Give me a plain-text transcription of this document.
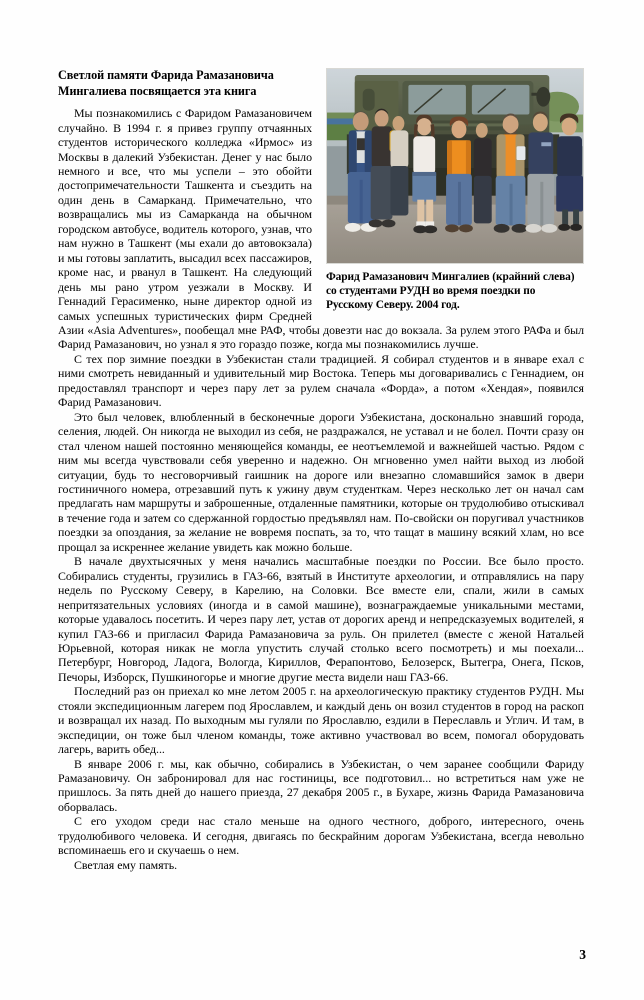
Фарид Рамазанович Мингалиев (крайний слева) со студентами РУДН во время поездки по Русскому Северу. 2004 год.
Светлой памяти Фарида Рамазановича
Мингалиева посвящается эта книга

Мы познакомились с Фаридом Рамазановичем случайно. В 1994 г. я привез группу отчаянных студентов исторического колледжа «Ирмос» из Москвы в далекий Узбекистан. Денег у нас было немного и все, что мы успели – это обойти достопримечательности Ташкента и съездить на один день в Самарканд. Примечательно, что возвращались мы из Самарканда на обычном городском автобусе, водитель которого, узнав, что нам нужно в Ташкент (мы ехали до автовокзала) и мы готовы заплатить, высадил всех пассажиров, кроме нас, и рванул в Ташкент. На следующий день мы рано утром уезжали в Москву. И Геннадий Герасименко, ныне директор одной из самых успешных туристических фирм Средней Азии «Asia Adventures», пообещал мне РАФ, чтобы довезти нас до вокзала. За рулем этого РАФа и был Фарид Рамазанович, но узнал я это гораздо позже, когда мы познакомились лучше.

С тех пор зимние поездки в Узбекистан стали традицией. Я собирал студентов и в январе ехал с ними смотреть невиданный и удивительный мир Востока. Теперь мы договаривались с Геннадием, он предоставлял транспорт и через пару лет за рулем сначала «Форда», а потом «Хендая», появился Фарид Рамазанович.

Это был человек, влюбленный в бесконечные дороги Узбекистана, досконально знавший города, селения, людей. Он никогда не выходил из себя, не раздражался, не уставал и не болел. Почти сразу он стал членом нашей постоянно меняющейся команды, ее неотъемлемой и важнейшей частью. Рядом с ним мы всегда чувствовали себя уверенно и надежно. Он мгновенно умел найти выход из любой ситуации, будь то несговорчивый гаишник на дороге или внезапно сломавшийся замок в двери гостиничного номера, отрезавший путь к ужину двум студенткам. Через несколько лет он начал сам предлагать нам маршруты и заброшенные, отдаленные памятники, которые он трудолюбиво отыскивал в течение года и затем со сдержанной гордостью предъявлял нам. По-свойски он поругивал участников поездки за опоздания, за желание не вовремя поспать, за то, что тащат в машину всякий хлам, но все прощал за искреннее желание увидеть как можно больше.

В начале двухтысячных у меня начались масштабные поездки по России. Все было просто. Собирались студенты, грузились в ГАЗ-66, взятый в Институте археологии, и отправлялись на пару недель по Русскому Северу, в Карелию, на Соловки. Все вместе ели, спали, жили в самых непритязательных условиях (иногда и в самой машине), вознаграждаемые уникальными местами, которые удавалось посетить. И через пару лет, устав от дорогих аренд и непредсказуемых водителей, я купил ГАЗ-66 и пригласил Фарида Рамазановича за руль. Он прилетел (вместе с женой Натальей Юрьевной, которая никак не могла упустить случай столько всего посмотреть) и мы поехали... Петербург, Новгород, Ладога, Вологда, Кириллов, Ферапонтово, Белозерск, Вытегра, Онега, Псков, Печоры, Изборск, Пушкиногорье и многие другие места видели наш ГАЗ-66.

Последний раз он приехал ко мне летом 2005 г. на археологическую практику студентов РУДН. Мы стояли экспедиционным лагерем под Ярославлем, и каждый день он возил студентов в город на раскоп и возвращал их назад. По выходным мы гуляли по Ярославлю, ездили в Переславль и Углич. И там, в экспедиции, он тоже был членом команды, тоже активно участвовал во всем, помогал оборудовать лагерь, варить обед...

В январе 2006 г. мы, как обычно, собирались в Узбекистан, о чем заранее сообщили Фариду Рамазановичу. Он забронировал для нас гостиницы, все подготовил... но встретиться нам уже не пришлось. За пять дней до нашего приезда, 27 декабря 2005 г., в Бухаре, жизнь Фарида Рамазановича оборвалась.

С его уходом среди нас стало меньше на одного честного, доброго, интересного, очень трудолюбивого человека. И сегодня, двигаясь по бескрайним дорогам Узбекистана, всегда невольно вспоминаешь его и скучаешь о нем.

Светлая ему память.

3
